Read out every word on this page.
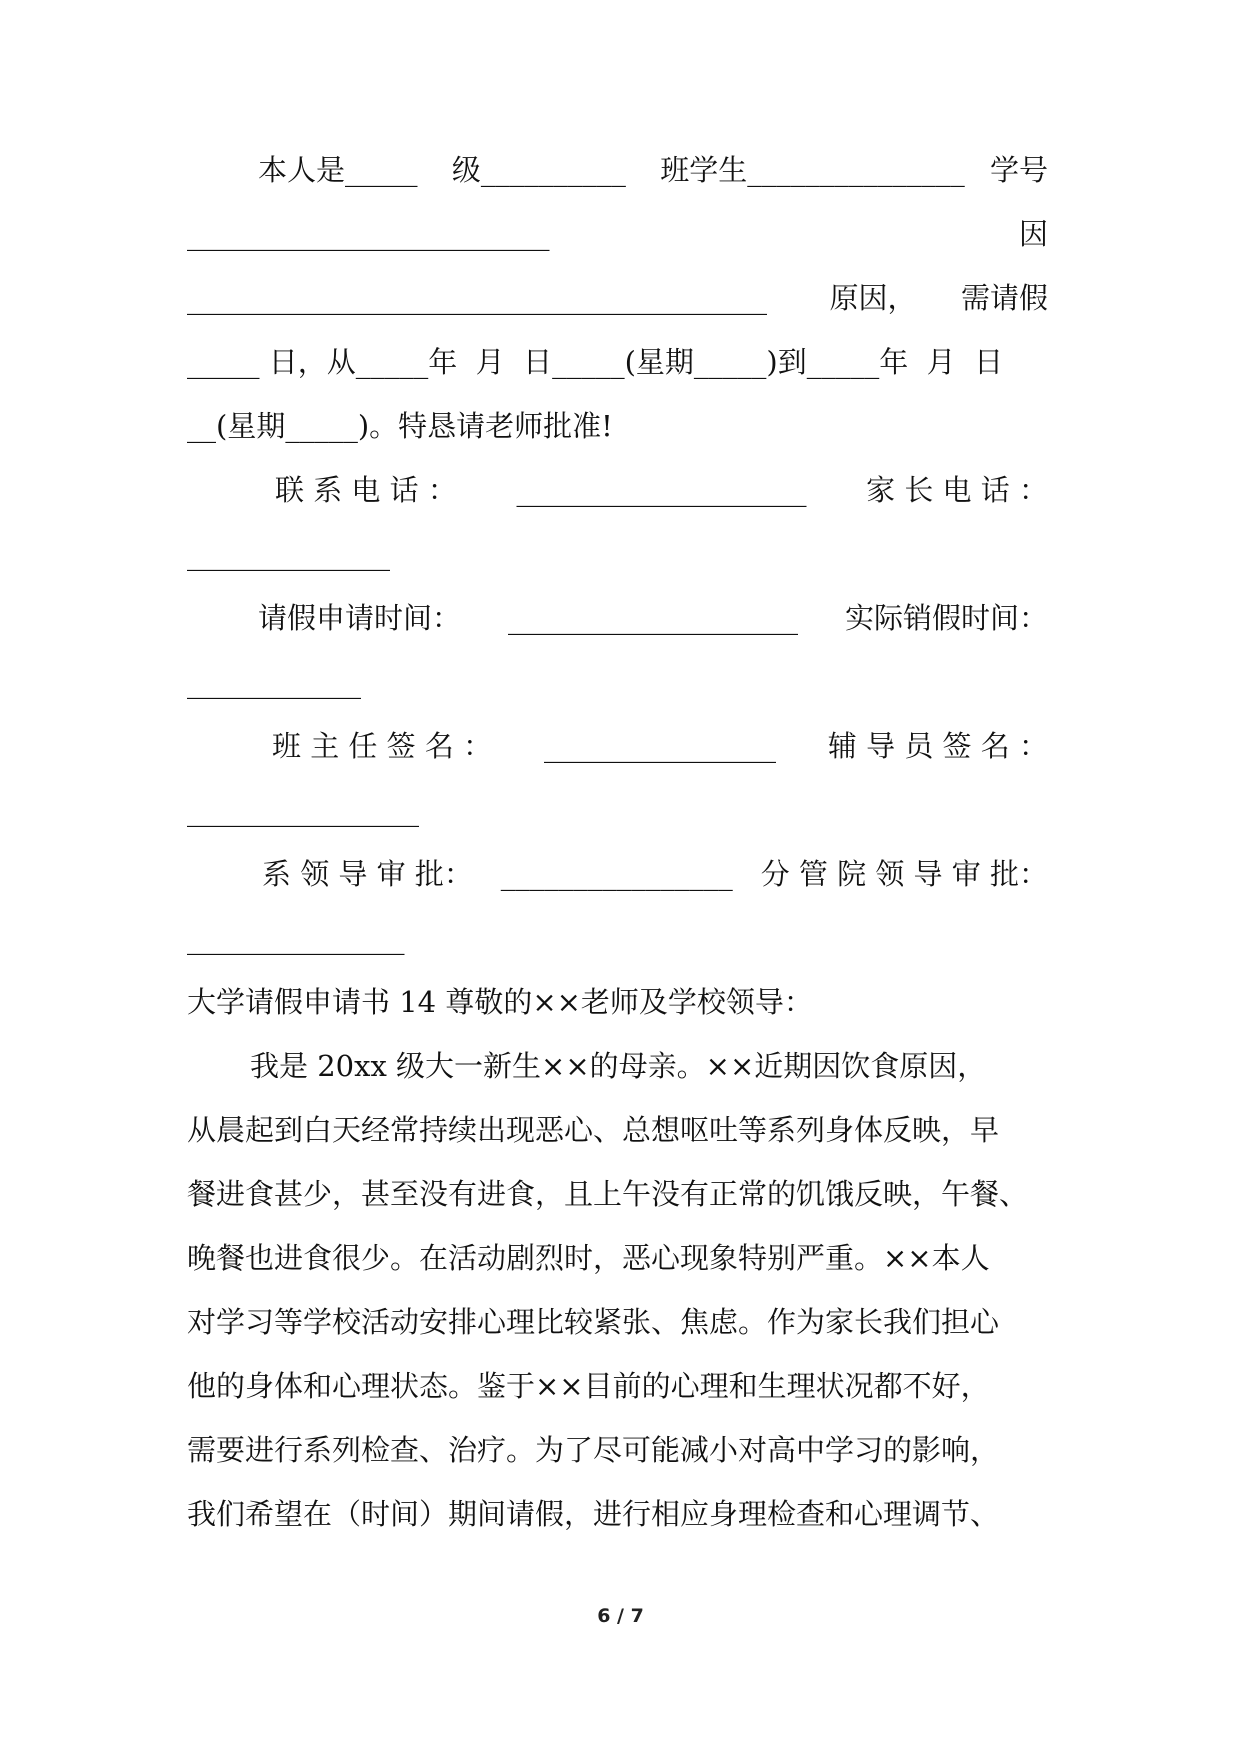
本人是_____ 级__________ 班学生_______________ 学号
_________________________	因
________________________________________ 原因， 需请假
_____ 日，从_____年  月  日_____(星期_____)到_____年  月  日
__(星期_____)。特恳请老师批准!
联 系 电 话 ： ____________________ 家 长 电 话 ：
______________
请假申请时间： ____________________ 实际销假时间：
____________
班 主 任 签 名 ： ________________ 辅 导 员 签 名 ：
________________
系 领 导 审 批： ________________ 分 管 院 领 导 审 批：
_______________
大学请假申请书 14 尊敬的××老师及学校领导：
我是 20xx 级大一新生××的母亲。××近期因饮食原因，
从晨起到白天经常持续出现恶心、总想呕吐等系列身体反映，早
餐进食甚少，甚至没有进食，且上午没有正常的饥饿反映，午餐、
晚餐也进食很少。在活动剧烈时，恶心现象特别严重。××本人
对学习等学校活动安排心理比较紧张、焦虑。作为家长我们担心
他的身体和心理状态。鉴于××目前的心理和生理状况都不好，
需要进行系列检查、治疗。为了尽可能减小对高中学习的影响，
我们希望在（时间）期间请假，进行相应身理检查和心理调节、
6 / 7
